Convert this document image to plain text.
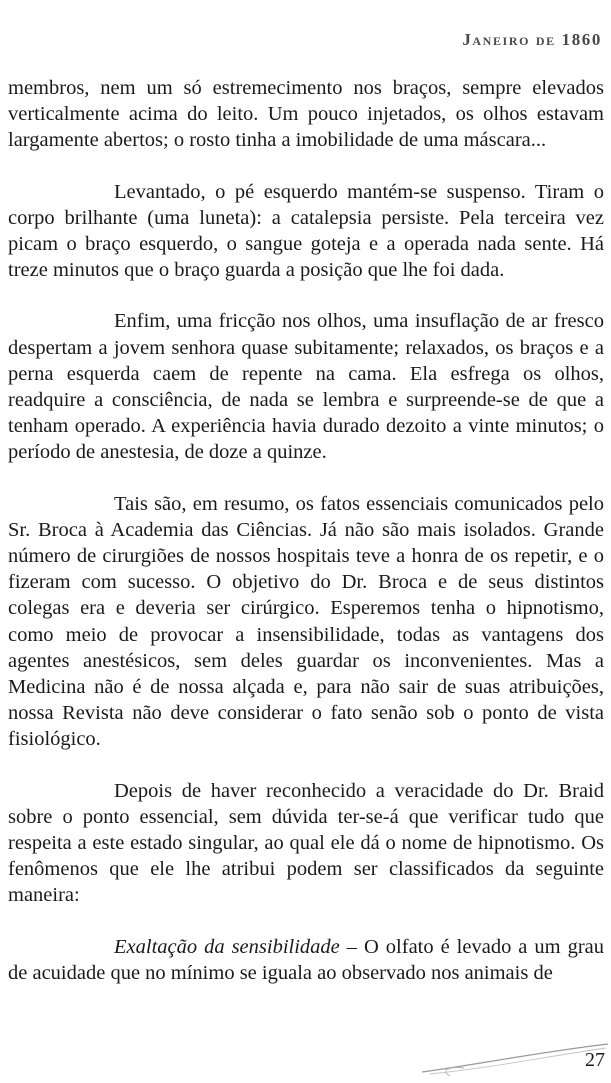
Janeiro de 1860

membros, nem um só estremecimento nos braços, sempre elevados verticalmente acima do leito. Um pouco injetados, os olhos estavam largamente abertos; o rosto tinha a imobilidade de uma máscara...

Levantado, o pé esquerdo mantém-se suspenso. Tiram o corpo brilhante (uma luneta): a catalepsia persiste. Pela terceira vez picam o braço esquerdo, o sangue goteja e a operada nada sente. Há treze minutos que o braço guarda a posição que lhe foi dada.

Enfim, uma fricção nos olhos, uma insuflação de ar fresco despertam a jovem senhora quase subitamente; relaxados, os braços e a perna esquerda caem de repente na cama. Ela esfrega os olhos, readquire a consciência, de nada se lembra e surpreende-se de que a tenham operado. A experiência havia durado dezoito a vinte minutos; o período de anestesia, de doze a quinze.

Tais são, em resumo, os fatos essenciais comunicados pelo Sr. Broca à Academia das Ciências. Já não são mais isolados. Grande número de cirurgiões de nossos hospitais teve a honra de os repetir, e o fizeram com sucesso. O objetivo do Dr. Broca e de seus distintos colegas era e deveria ser cirúrgico. Esperemos tenha o hipnotismo, como meio de provocar a insensibilidade, todas as vantagens dos agentes anestésicos, sem deles guardar os inconvenientes. Mas a Medicina não é de nossa alçada e, para não sair de suas atribuições, nossa Revista não deve considerar o fato senão sob o ponto de vista fisiológico.

Depois de haver reconhecido a veracidade do Dr. Braid sobre o ponto essencial, sem dúvida ter-se-á que verificar tudo que respeita a este estado singular, ao qual ele dá o nome de hipnotismo. Os fenômenos que ele lhe atribui podem ser classificados da seguinte maneira:

Exaltação da sensibilidade – O olfato é levado a um grau de acuidade que no mínimo se iguala ao observado nos animais de

27
